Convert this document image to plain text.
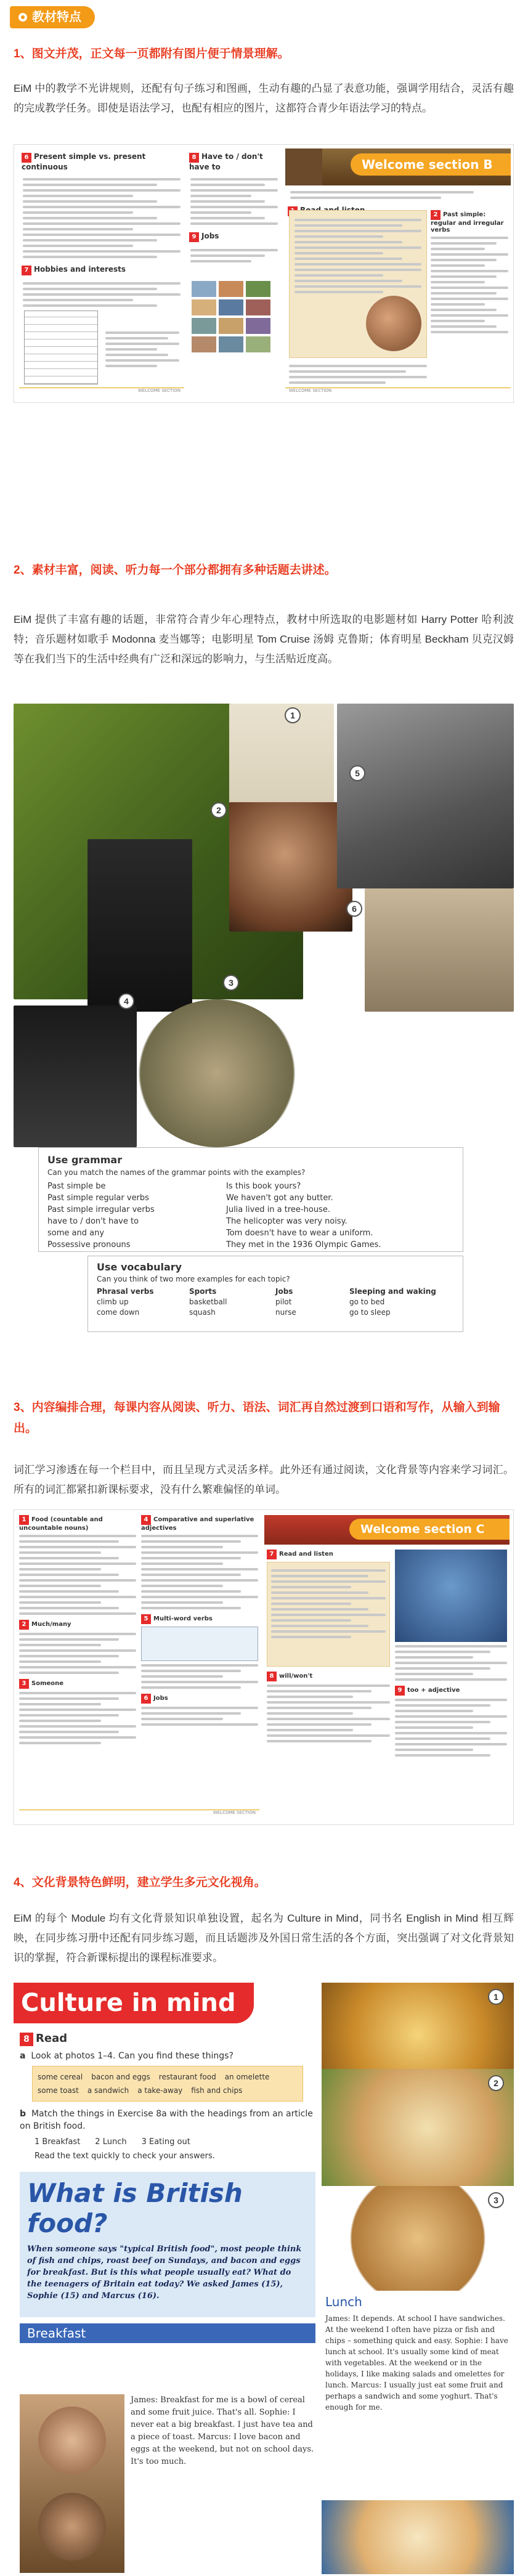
教材特点
1、图文并茂，正文每一页都附有图片便于情景理解。
EiM 中的教学不光讲规则，还配有句子练习和图画，生动有趣的凸显了表意功能，强调学用结合，灵活有趣的完成教学任务。即使是语法学习，也配有相应的图片，这都符合青少年语法学习的特点。
6 Present simple vs. present continuous
7 Hobbies and interests
WELCOME SECTION
8 Have to / don't have to
9 Jobs
Welcome section B
2 Past simple: regular and irregular verbs
WELCOME SECTION
2、素材丰富，阅读、听力每一个部分都拥有多种话题去讲述。
EiM 提供了丰富有趣的话题，非常符合青少年心理特点，教材中所选取的电影题材如 Harry Potter 哈利波特；音乐题材如歌手 Modonna 麦当娜等；电影明星 Tom Cruise 汤姆 克鲁斯；体育明星 Beckham 贝克汉姆等在我们当下的生活中经典有广泛和深远的影响力，与生活贴近度高。
1
2
3
4
5
6
Use grammar
Can you match the names of the grammar points with the examples?
Past simple be
Past simple regular verbs
Past simple irregular verbs
have to / don't have to
some and any
Possessive pronouns
Is this book yours?
We haven't got any butter.
Julia lived in a tree-house.
The helicopter was very noisy.
Tom doesn't have to wear a uniform.
They met in the 1936 Olympic Games.
Use vocabulary
Can you think of two more examples for each topic?
Phrasal verbs
climb up
come down
Sports
basketball
squash
Jobs
pilot
nurse
Sleeping and waking
go to bed
go to sleep
3、内容编排合理，每课内容从阅读、听力、语法、词汇再自然过渡到口语和写作，从输入到输出。
词汇学习渗透在每一个栏目中，而且呈现方式灵活多样。此外还有通过阅读，文化背景等内容来学习词汇。所有的词汇都紧扣新课标要求，没有什么繁难偏怪的单词。
1 Food (countable and uncountable nouns)
2 Much/many
3 Someone
4 Comparative and superlative adjectives
5 Multi-word verbs
6 Jobs
WELCOME SECTION
Welcome section C
7 Read and listen
8 will/won't
9 too + adjective
4、文化背景特色鲜明，建立学生多元文化视角。
EiM 的每个 Module 均有文化背景知识单独设置，起名为 Culture in Mind，同书名 English in Mind 相互辉映，在同步练习册中还配有同步练习题，而且话题涉及外国日常生活的各个方面，突出强调了对文化背景知识的掌握，符合新课标提出的课程标准要求。
Culture in mind
8 Read
a Look at photos 1–4. Can you find these things?
some cereal bacon and eggs restaurant food an omelette
some toast a sandwich a take-away fish and chips
b Match the things in Exercise 8a with the headings from an article on British food.
1 Breakfast 2 Lunch 3 Eating out
Read the text quickly to check your answers.
What is British food?
When someone says "typical British food", most people think of fish and chips, roast beef on Sundays, and bacon and eggs for breakfast. But is this what people usually eat? What do the teenagers of Britain eat today? We asked James (15), Sophie (15) and Marcus (16).
Breakfast
James: Breakfast for me is a bowl of cereal and some fruit juice. That's all. Sophie: I never eat a big breakfast. I just have tea and a piece of toast. Marcus: I love bacon and eggs at the weekend, but not on school days. It's too much.
1
2
3
Lunch
James: It depends. At school I have sandwiches. At the weekend I often have pizza or fish and chips – something quick and easy. Sophie: I have lunch at school. It's usually some kind of meat with vegetables. At the weekend or in the holidays, I like making salads and omelettes for lunch. Marcus: I usually just eat some fruit and perhaps a sandwich and some yoghurt. That's enough for me.
